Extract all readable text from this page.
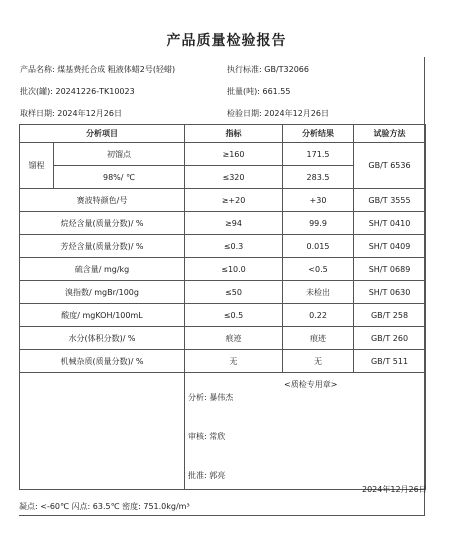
产品质量检验报告
产品名称: 煤基费托合成 粗液体蜡2号(轻蜡)	执行标准: GB/T32066
批次(罐): 20241226-TK10023	批量(吨): 661.55
取样日期: 2024年12月26日	检验日期: 2024年12月26日
分析项目		指标	分析结果	试验方法
馏程	初馏点	≥160	171.5	GB/T 6536
	98%/ ℃	≤320	283.5	
赛波特颜色/号		≥+20	+30	GB/T 3555
烷烃含量(质量分数)/ %		≥94	99.9	SH/T 0410
芳烃含量(质量分数)/ %		≤0.3	0.015	SH/T 0409
硫含量/ mg/kg		≤10.0	<0.5	SH/T 0689
溴指数/ mgBr/100g		≤50	未检出	SH/T 0630
酸度/ mgKOH/100mL		≤0.5	0.22	GB/T 258
水分(体积分数)/ %		痕迹	痕迹	GB/T 260
机械杂质(质量分数)/ %		无	无	GB/T 511

分析: 暴伟杰
审核: 常欣
批准: 郭亮
<质检专用章>
2024年12月26日
凝点: <-60℃ 闪点: 63.5℃ 密度: 751.0kg/m³
